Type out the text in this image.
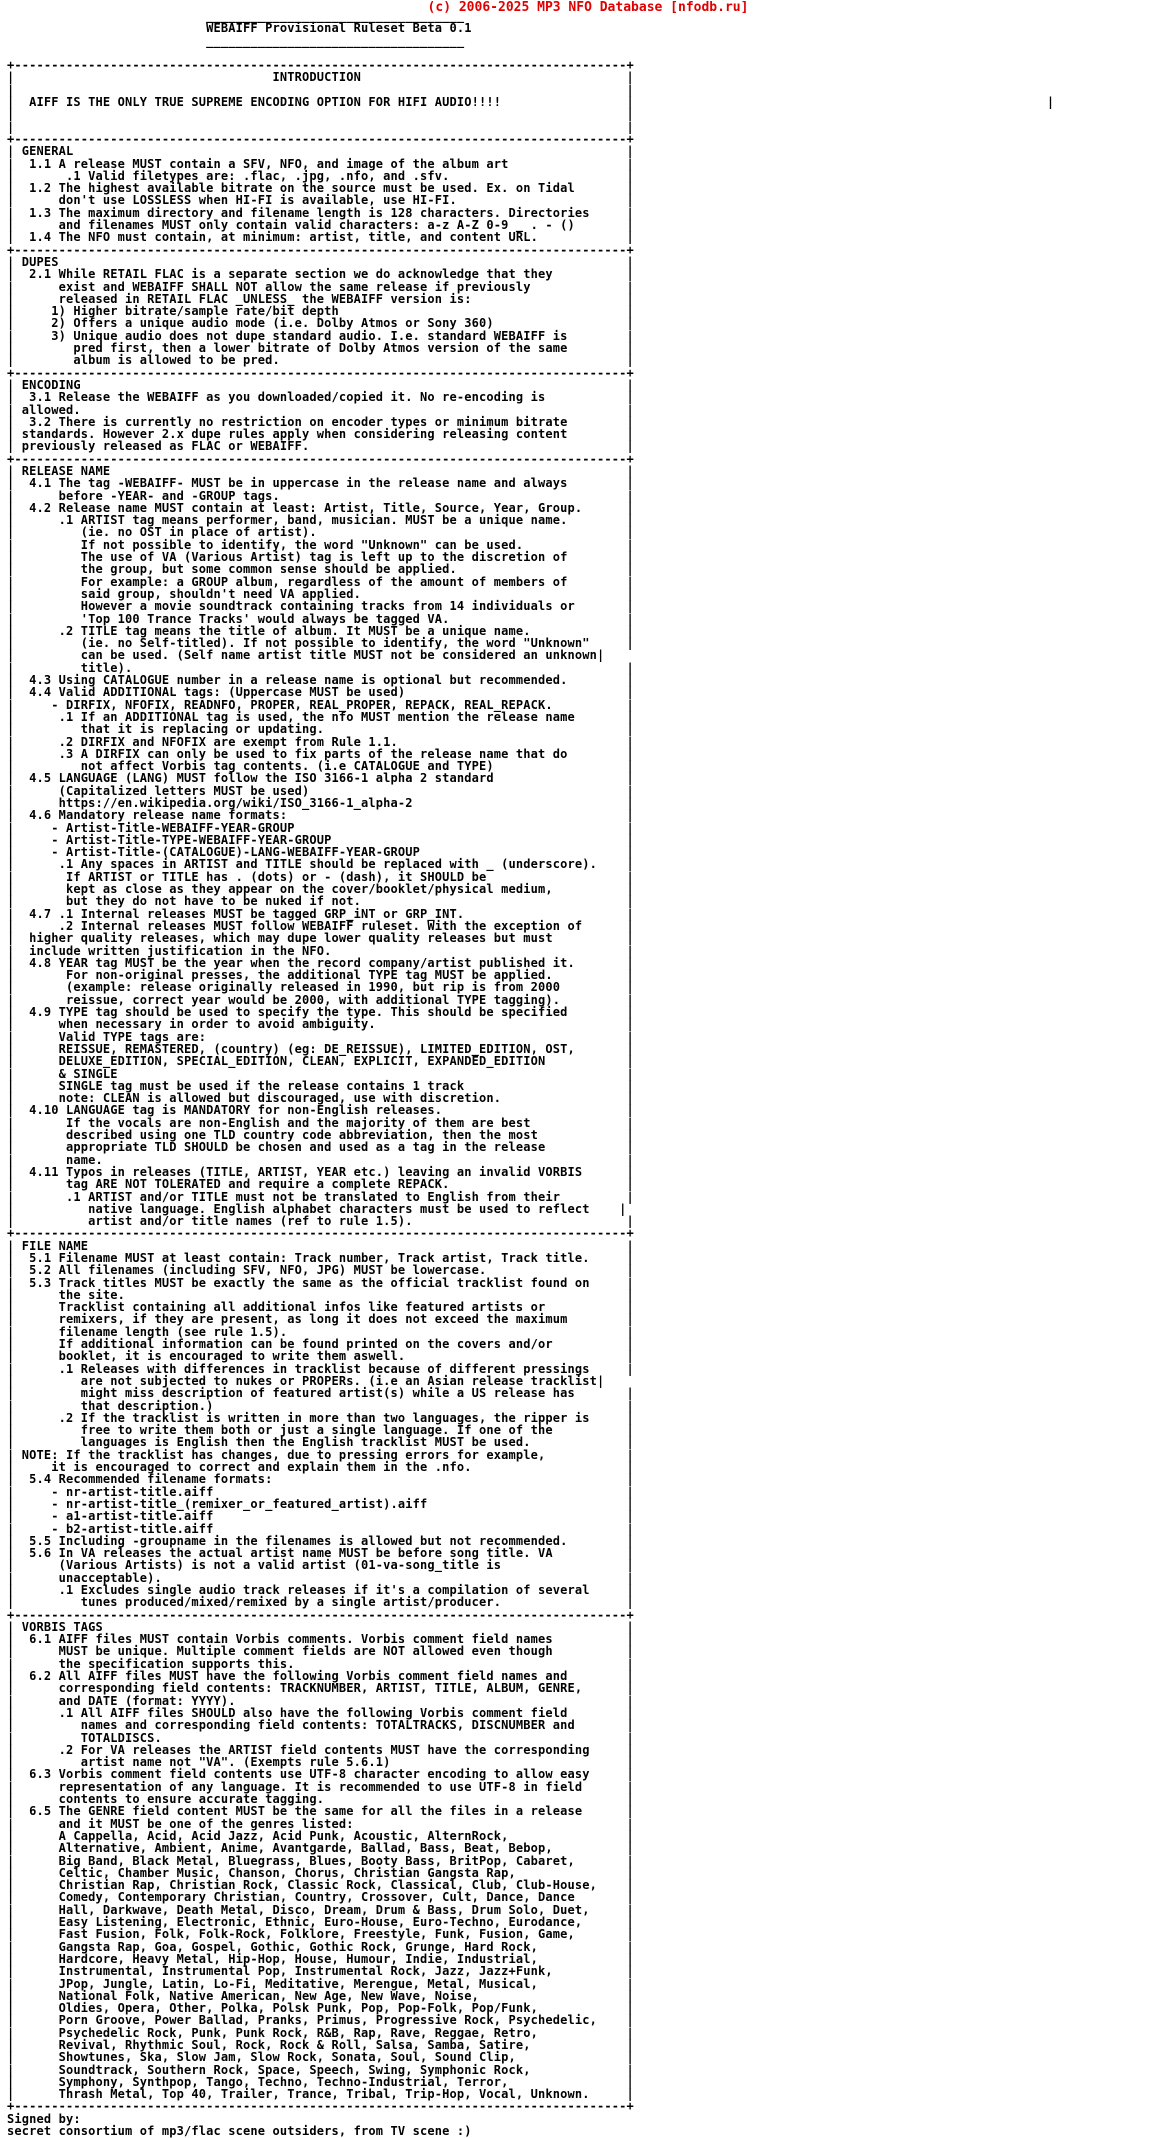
(c) 2006-2025 MP3 NFO Database [nfodb.ru]
___________________________________
WEBAIFF Provisional Ruleset Beta 0.1
___________________________________

+-----------------------------------------------------------------------------------+
|                                   INTRODUCTION                                    |
|                                                                                   |
|  AIFF IS THE ONLY TRUE SUPREME ENCODING OPTION FOR HIFI AUDIO!!!!                 |                                                        |
|                                                                                   |
|                                                                                   |
+-----------------------------------------------------------------------------------+
| GENERAL                                                                           |
|  1.1 A release MUST contain a SFV, NFO, and image of the album art                |
|       .1 Valid filetypes are: .flac, .jpg, .nfo, and .sfv.                        |
|  1.2 The highest available bitrate on the source must be used. Ex. on Tidal       |
|      don't use LOSSLESS when HI-FI is available, use HI-FI.                       |
|  1.3 The maximum directory and filename length is 128 characters. Directories     |
|      and filenames MUST only contain valid characters: a-z A-Z 0-9 _ . - ()       |
|  1.4 The NFO must contain, at minimum: artist, title, and content URL.            |
+-----------------------------------------------------------------------------------+
| DUPES                                                                             |
|  2.1 While RETAIL FLAC is a separate section we do acknowledge that they          |
|      exist and WEBAIFF SHALL NOT allow the same release if previously             |
|      released in RETAIL FLAC _UNLESS_ the WEBAIFF version is:                     |
|     1) Higher bitrate/sample rate/bit depth                                       |
|     2) Offers a unique audio mode (i.e. Dolby Atmos or Sony 360)                  |
|     3) Unique audio does not dupe standard audio. I.e. standard WEBAIFF is        |
|        pred first, then a lower bitrate of Dolby Atmos version of the same        |
|        album is allowed to be pred.                                               |
+-----------------------------------------------------------------------------------+
| ENCODING                                                                          |
|  3.1 Release the WEBAIFF as you downloaded/copied it. No re-encoding is           |
| allowed.                                                                          |
|  3.2 There is currently no restriction on encoder types or minimum bitrate        |
| standards. However 2.x dupe rules apply when considering releasing content        |
| previously released as FLAC or WEBAIFF.                                           |
+-----------------------------------------------------------------------------------+
| RELEASE NAME                                                                      |
|  4.1 The tag -WEBAIFF- MUST be in uppercase in the release name and always        |
|      before -YEAR- and -GROUP tags.                                               |
|  4.2 Release name MUST contain at least: Artist, Title, Source, Year, Group.      |
|      .1 ARTIST tag means performer, band, musician. MUST be a unique name.        |
|         (ie. no OST in place of artist).                                          |
|         If not possible to identify, the word "Unknown" can be used.              |
|         The use of VA (Various Artist) tag is left up to the discretion of        |
|         the group, but some common sense should be applied.                       |
|         For example: a GROUP album, regardless of the amount of members of        |
|         said group, shouldn't need VA applied.                                    |
|         However a movie soundtrack containing tracks from 14 individuals or       |
|         'Top 100 Trance Tracks' would always be tagged VA.                        |
|      .2 TITLE tag means the title of album. It MUST be a unique name.             |
|         (ie. no Self-titled). If not possible to identify, the word "Unknown"     |
|         can be used. (Self name artist title MUST not be considered an unknown|
|         title).                                                                   |
|  4.3 Using CATALOGUE number in a release name is optional but recommended.        |
|  4.4 Valid ADDITIONAL tags: (Uppercase MUST be used)                              |
|     - DIRFIX, NFOFIX, READNFO, PROPER, REAL_PROPER, REPACK, REAL_REPACK.          |
|      .1 If an ADDITIONAL tag is used, the nfo MUST mention the release name       |
|         that it is replacing or updating.                                         |
|      .2 DIRFIX and NFOFIX are exempt from Rule 1.1.                               |
|      .3 A DIRFIX can only be used to fix parts of the release name that do        |
|         not affect Vorbis tag contents. (i.e CATALOGUE and TYPE)                  |
|  4.5 LANGUAGE (LANG) MUST follow the ISO 3166-1 alpha 2 standard                  |
|      (Capitalized letters MUST be used)                                           |
|      https://en.wikipedia.org/wiki/ISO_3166-1_alpha-2                             |
|  4.6 Mandatory release name formats:                                              |
|     - Artist-Title-WEBAIFF-YEAR-GROUP                                             |
|     - Artist-Title-TYPE-WEBAIFF-YEAR-GROUP                                        |
|     - Artist-Title-(CATALOGUE)-LANG-WEBAIFF-YEAR-GROUP                            |
|      .1 Any spaces in ARTIST and TITLE should be replaced with _ (underscore).    |
|       If ARTIST or TITLE has . (dots) or - (dash), it SHOULD be                   |
|       kept as close as they appear on the cover/booklet/physical medium,          |
|       but they do not have to be nuked if not.                                    |
|  4.7 .1 Internal releases MUST be tagged GRP_iNT or GRP_INT.                      |
|      .2 Internal releases MUST follow WEBAIFF ruleset. With the exception of      |
|  higher quality releases, which may dupe lower quality releases but must          |
|  include written justification in the NFO.                                        |
|  4.8 YEAR tag MUST be the year when the record company/artist published it.       |
|       For non-original presses, the additional TYPE tag MUST be applied.          |
|       (example: release originally released in 1990, but rip is from 2000         |
|       reissue, correct year would be 2000, with additional TYPE tagging).         |
|  4.9 TYPE tag should be used to specify the type. This should be specified        |
|      when necessary in order to avoid ambiguity.                                  |
|      Valid TYPE tags are:                                                         |
|      REISSUE, REMASTERED, (country) (eg: DE_REISSUE), LIMITED_EDITION, OST,       |
|      DELUXE_EDITION, SPECIAL_EDITION, CLEAN, EXPLICIT, EXPANDED_EDITION           |
|      & SINGLE                                                                     |
|      SINGLE tag must be used if the release contains 1 track                      |
|      note: CLEAN is allowed but discouraged, use with discretion.                 |
|  4.10 LANGUAGE tag is MANDATORY for non-English releases.                         |
|       If the vocals are non-English and the majority of them are best             |
|       described using one TLD country code abbreviation, then the most            |
|       appropriate TLD SHOULD be chosen and used as a tag in the release           |
|       name.                                                                       |
|  4.11 Typos in releases (TITLE, ARTIST, YEAR etc.) leaving an invalid VORBIS      |
|       tag ARE NOT TOLERATED and require a complete REPACK.                        |
|       .1 ARTIST and/or TITLE must not be translated to English from their         |
|          native language. English alphabet characters must be used to reflect    |
|          artist and/or title names (ref to rule 1.5).                             |
+-----------------------------------------------------------------------------------+
| FILE NAME                                                                         |
|  5.1 Filename MUST at least contain: Track number, Track artist, Track title.     |
|  5.2 All filenames (including SFV, NFO, JPG) MUST be lowercase.                   |
|  5.3 Track titles MUST be exactly the same as the official tracklist found on     |
|      the site.                                                                    |
|      Tracklist containing all additional infos like featured artists or           |
|      remixers, if they are present, as long it does not exceed the maximum        |
|      filename length (see rule 1.5).                                              |
|      If additional information can be found printed on the covers and/or          |
|      booklet, it is encouraged to write them aswell.                              |
|      .1 Releases with differences in tracklist because of different pressings     |
|         are not subjected to nukes or PROPERs. (i.e an Asian release tracklist|
|         might miss description of featured artist(s) while a US release has       |
|         that description.)                                                        |
|      .2 If the tracklist is written in more than two languages, the ripper is     |
|         free to write them both or just a single language. If one of the          |
|         languages is English then the English tracklist MUST be used.             |
| NOTE: If the tracklist has changes, due to pressing errors for example,           |
|     it is encouraged to correct and explain them in the .nfo.                     |
|  5.4 Recommended filename formats:                                                |
|     - nr-artist-title.aiff                                                        |
|     - nr-artist-title_(remixer_or_featured_artist).aiff                           |
|     - a1-artist-title.aiff                                                        |
|     - b2-artist-title.aiff                                                        |
|  5.5 Including -groupname in the filenames is allowed but not recommended.        |
|  5.6 In VA releases the actual artist name MUST be before song title. VA          |
|      (Various Artists) is not a valid artist (01-va-song_title is                 |
|      unacceptable).                                                               |
|      .1 Excludes single audio track releases if it's a compilation of several     |
|         tunes produced/mixed/remixed by a single artist/producer.                 |
+-----------------------------------------------------------------------------------+
| VORBIS TAGS                                                                       |
|  6.1 AIFF files MUST contain Vorbis comments. Vorbis comment field names          |
|      MUST be unique. Multiple comment fields are NOT allowed even though          |
|      the specification supports this.                                             |
|  6.2 All AIFF files MUST have the following Vorbis comment field names and        |
|      corresponding field contents: TRACKNUMBER, ARTIST, TITLE, ALBUM, GENRE,      |
|      and DATE (format: YYYY).                                                     |
|      .1 All AIFF files SHOULD also have the following Vorbis comment field        |
|         names and corresponding field contents: TOTALTRACKS, DISCNUMBER and       |
|         TOTALDISCS.                                                               |
|      .2 For VA releases the ARTIST field contents MUST have the corresponding     |
|         artist name not "VA". (Exempts rule 5.6.1)                                |
|  6.3 Vorbis comment field contents use UTF-8 character encoding to allow easy     |
|      representation of any language. It is recommended to use UTF-8 in field      |
|      contents to ensure accurate tagging.                                         |
|  6.5 The GENRE field content MUST be the same for all the files in a release      |
|      and it MUST be one of the genres listed:                                     |
|      A Cappella, Acid, Acid Jazz, Acid Punk, Acoustic, AlternRock,                |
|      Alternative, Ambient, Anime, Avantgarde, Ballad, Bass, Beat, Bebop,          |
|      Big Band, Black Metal, Bluegrass, Blues, Booty Bass, BritPop, Cabaret,       |
|      Celtic, Chamber Music, Chanson, Chorus, Christian Gangsta Rap,               |
|      Christian Rap, Christian Rock, Classic Rock, Classical, Club, Club-House,    |
|      Comedy, Contemporary Christian, Country, Crossover, Cult, Dance, Dance       |
|      Hall, Darkwave, Death Metal, Disco, Dream, Drum & Bass, Drum Solo, Duet,     |
|      Easy Listening, Electronic, Ethnic, Euro-House, Euro-Techno, Eurodance,      |
|      Fast Fusion, Folk, Folk-Rock, Folklore, Freestyle, Funk, Fusion, Game,       |
|      Gangsta Rap, Goa, Gospel, Gothic, Gothic Rock, Grunge, Hard Rock,            |
|      Hardcore, Heavy Metal, Hip-Hop, House, Humour, Indie, Industrial,            |
|      Instrumental, Instrumental Pop, Instrumental Rock, Jazz, Jazz+Funk,          |
|      JPop, Jungle, Latin, Lo-Fi, Meditative, Merengue, Metal, Musical,            |
|      National Folk, Native American, New Age, New Wave, Noise,                    |
|      Oldies, Opera, Other, Polka, Polsk Punk, Pop, Pop-Folk, Pop/Funk,            |
|      Porn Groove, Power Ballad, Pranks, Primus, Progressive Rock, Psychedelic,    |
|      Psychedelic Rock, Punk, Punk Rock, R&B, Rap, Rave, Reggae, Retro,            |
|      Revival, Rhythmic Soul, Rock, Rock & Roll, Salsa, Samba, Satire,             |
|      Showtunes, Ska, Slow Jam, Slow Rock, Sonata, Soul, Sound Clip,               |
|      Soundtrack, Southern Rock, Space, Speech, Swing, Symphonic Rock,             |
|      Symphony, Synthpop, Tango, Techno, Techno-Industrial, Terror,                |
|      Thrash Metal, Top 40, Trailer, Trance, Tribal, Trip-Hop, Vocal, Unknown.     |
+-----------------------------------------------------------------------------------+
Signed by:
secret consortium of mp3/flac scene outsiders, from TV scene :)
